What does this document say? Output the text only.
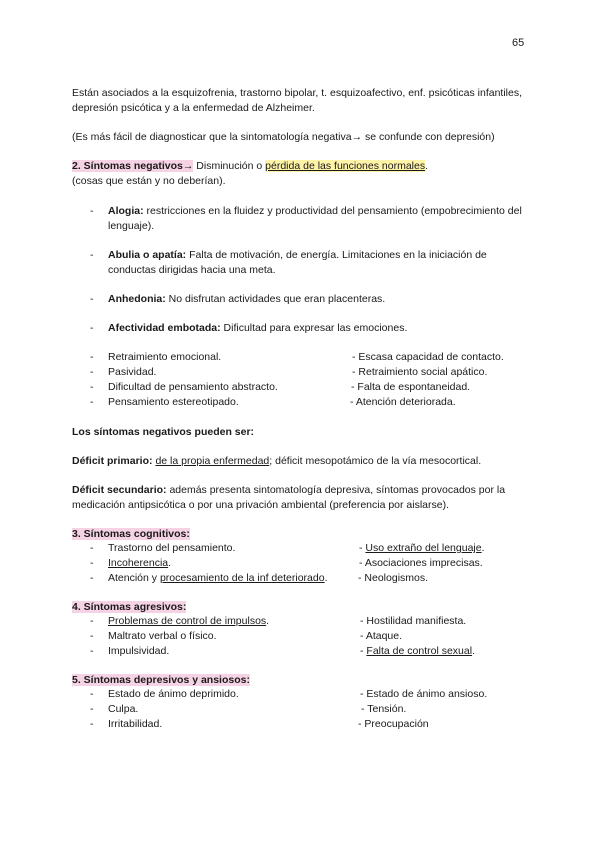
65
Están asociados a la esquizofrenia, trastorno bipolar, t. esquizoafectivo, enf. psicóticas infantiles, depresión psicótica y a la enfermedad de Alzheimer.
(Es más fácil de diagnosticar que la sintomatología negativa→ se confunde con depresión)
2. Síntomas negativos→ Disminución o pérdida de las funciones normales.
(cosas que están y no deberían).
- Alogia: restricciones en la fluidez y productividad del pensamiento (empobrecimiento del lenguaje).
- Abulia o apatía: Falta de motivación, de energía. Limitaciones en la iniciación de conductas dirigidas hacia una meta.
- Anhedonia: No disfrutan actividades que eran placenteras.
- Afectividad embotada: Dificultad para expresar las emociones.
- Retraimiento emocional.	- Escasa capacidad de contacto.
- Pasividad.	- Retraimiento social apático.
- Dificultad de pensamiento abstracto.	- Falta de espontaneidad.
- Pensamiento estereotipado.	- Atención deteriorada.
Los síntomas negativos pueden ser:
Déficit primario: de la propia enfermedad; déficit mesopotámico de la vía mesocortical.
Déficit secundario: además presenta sintomatología depresiva, síntomas provocados por la medicación antipsicótica o por una privación ambiental (preferencia por aislarse).
3. Síntomas cognitivos:
- Trastorno del pensamiento.	- Uso extraño del lenguaje.
- Incoherencia.	- Asociaciones imprecisas.
- Atención y procesamiento de la inf deteriorado.	- Neologismos.
4. Síntomas agresivos:
- Problemas de control de impulsos.	- Hostilidad manifiesta.
- Maltrato verbal o físico.	- Ataque.
- Impulsividad.	- Falta de control sexual.
5. Síntomas depresivos y ansiosos:
- Estado de ánimo deprimido.	- Estado de ánimo ansioso.
- Culpa.	- Tensión.
- Irritabilidad.	- Preocupación
